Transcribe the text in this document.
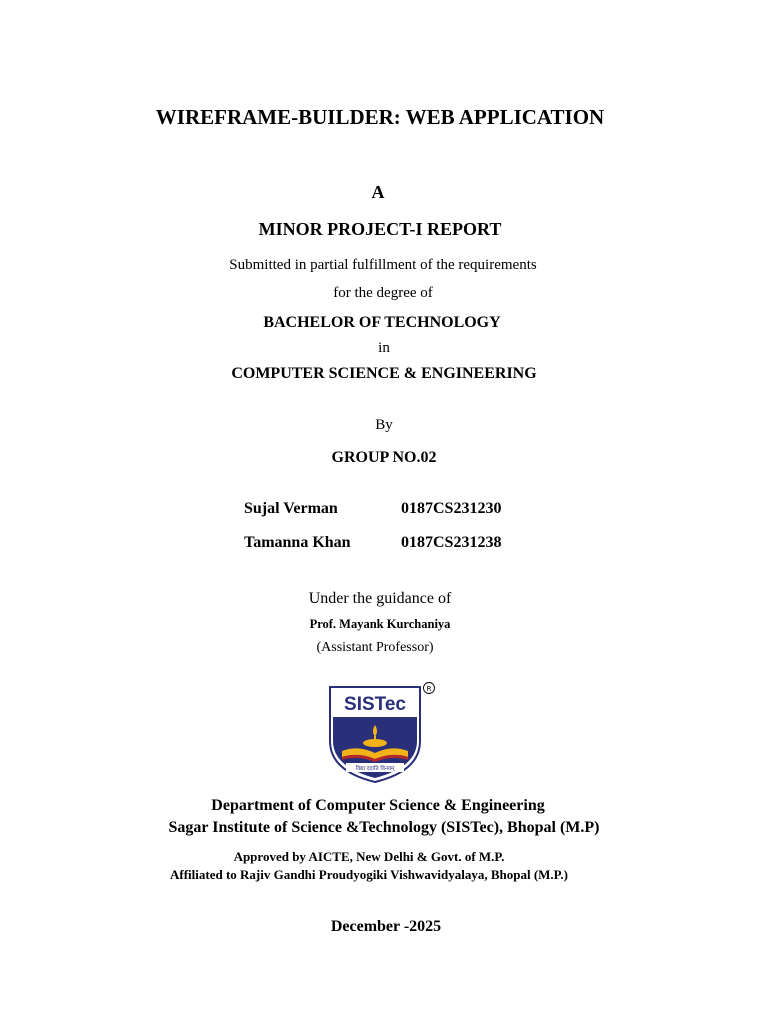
WIREFRAME-BUILDER: WEB APPLICATION
A
MINOR PROJECT-I REPORT
Submitted in partial fulfillment of the requirements
for the degree of
BACHELOR OF TECHNOLOGY
in
COMPUTER SCIENCE & ENGINEERING
By
GROUP NO.02
Sujal Verman	0187CS231230
Tamanna Khan	0187CS231238
Under the guidance of
Prof. Mayank Kurchaniya
(Assistant Professor)
SISTec
विद्या ददाति विनयम्
R
Department of Computer Science & Engineering
Sagar Institute of Science &Technology (SISTec), Bhopal (M.P)
Approved by AICTE, New Delhi & Govt. of M.P.
Affiliated to Rajiv Gandhi Proudyogiki Vishwavidyalaya, Bhopal (M.P.)
December -2025
